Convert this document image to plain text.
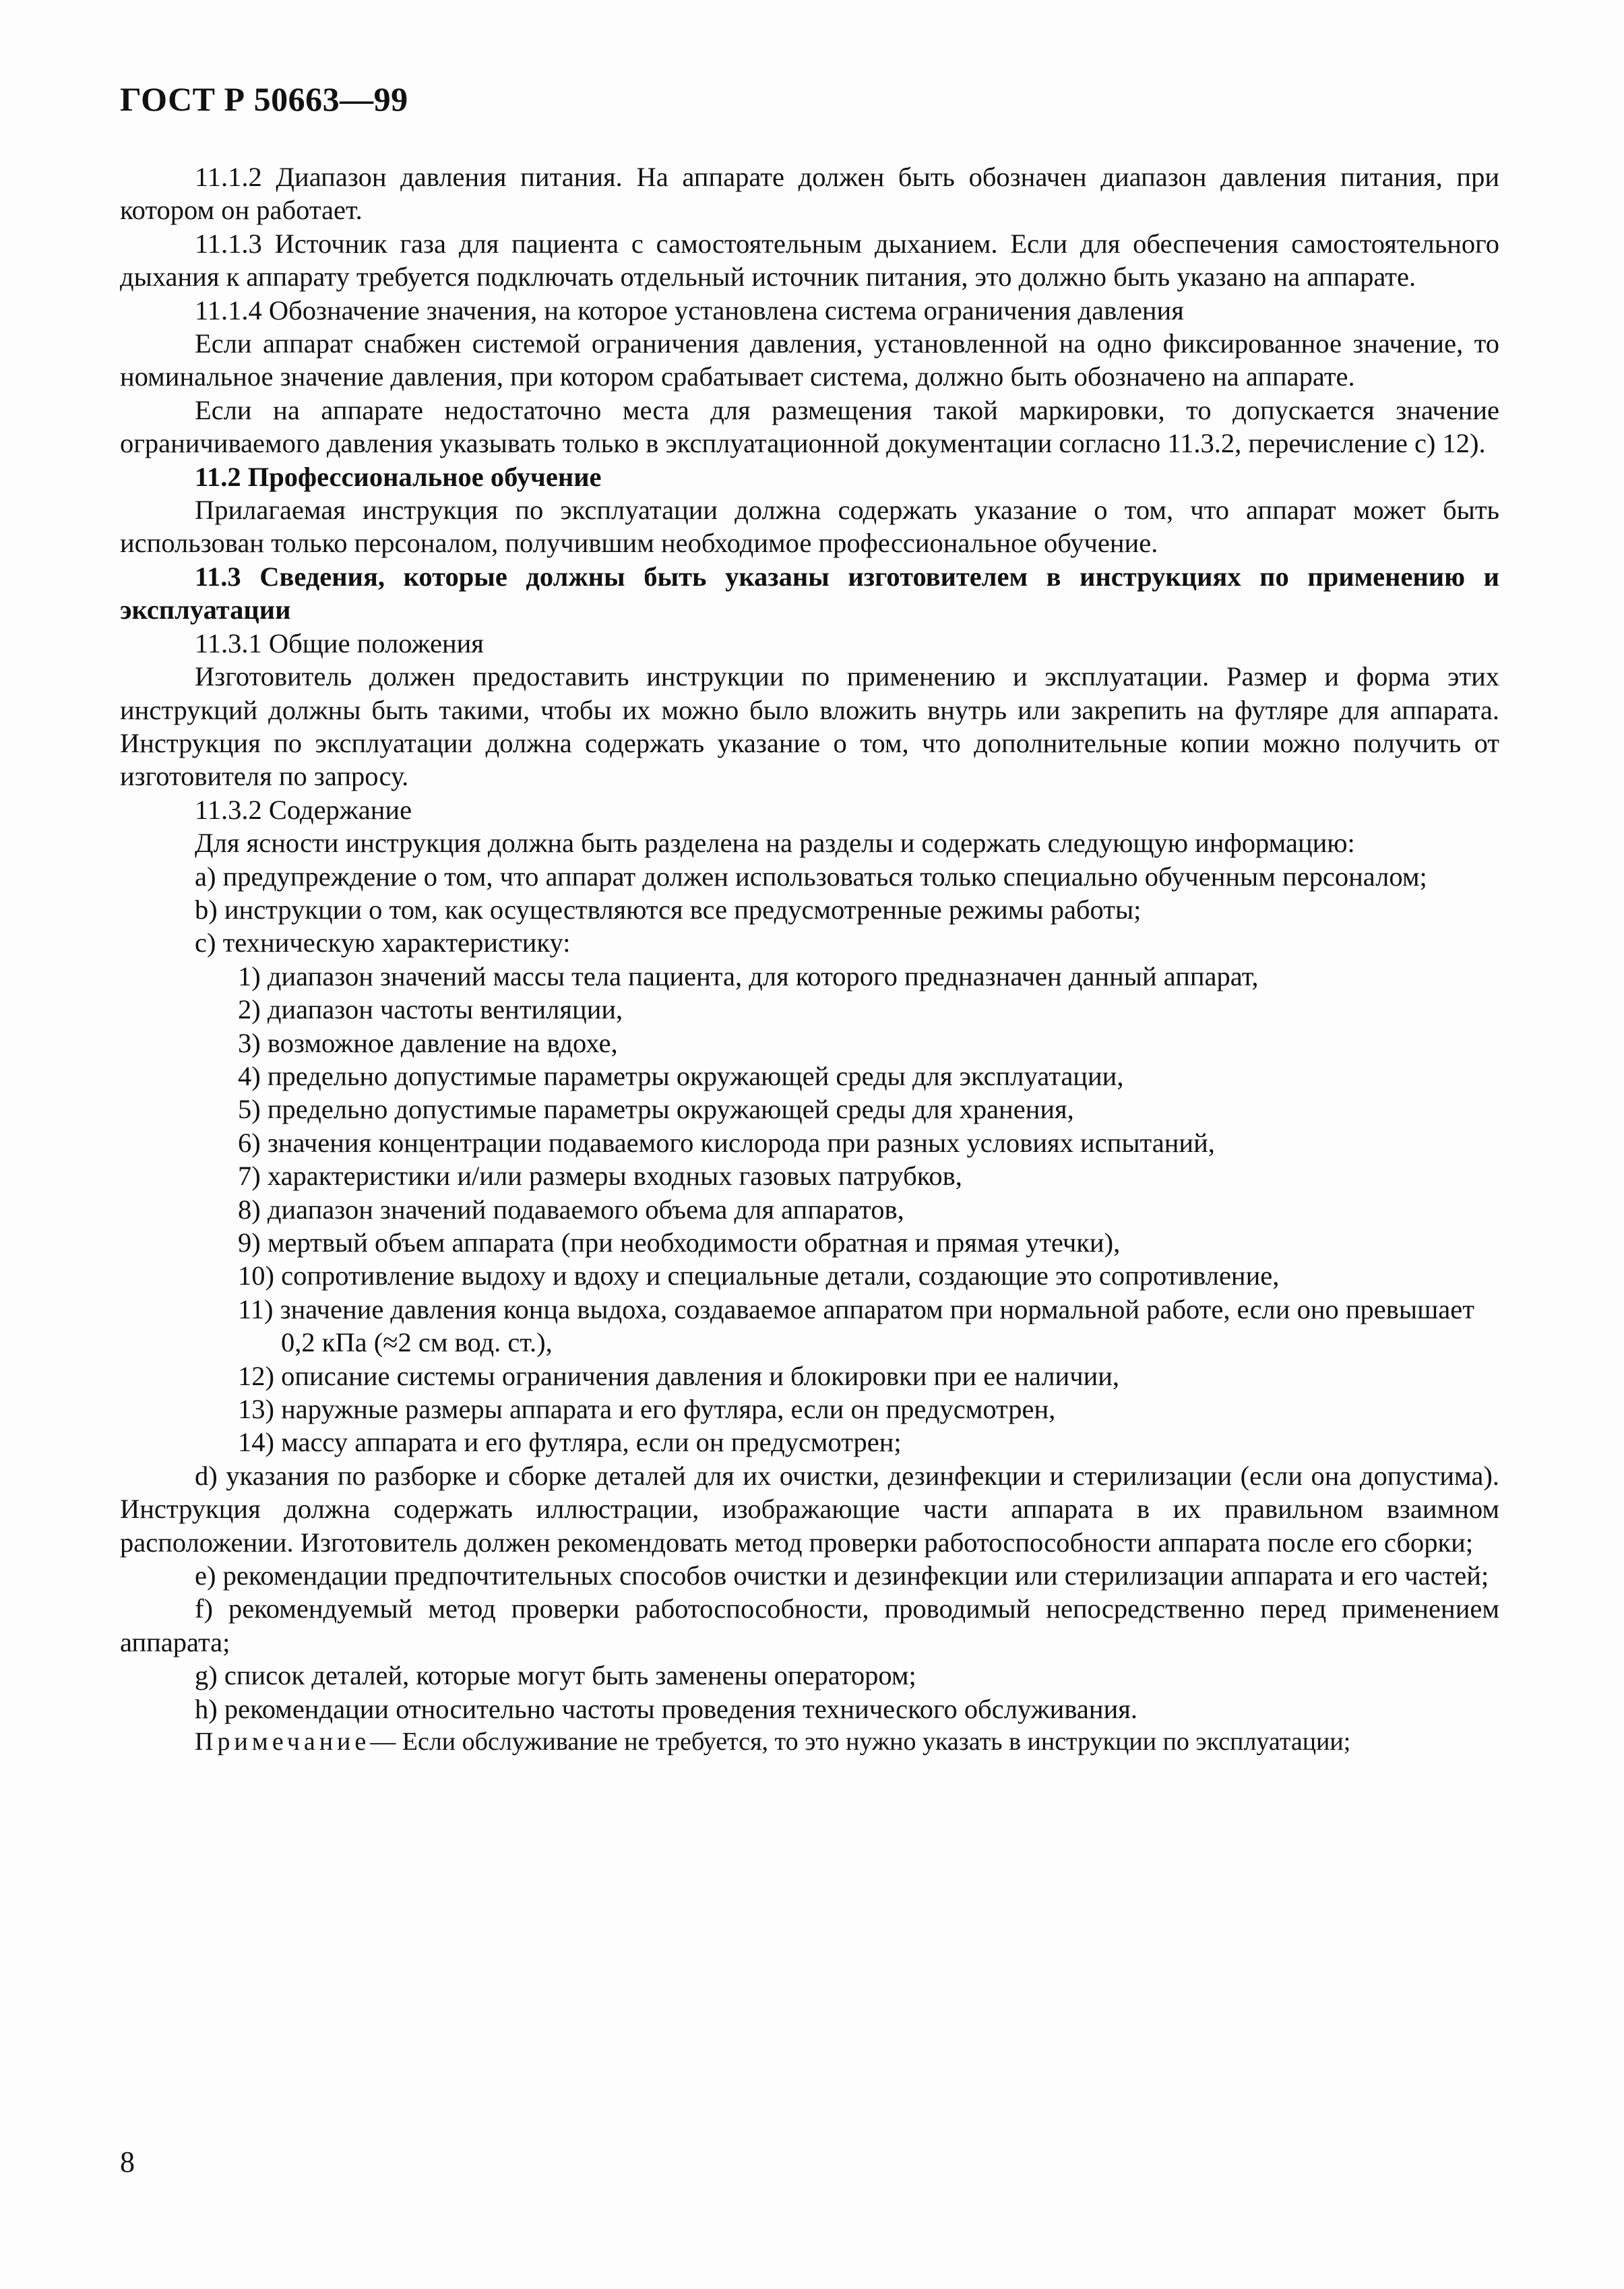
ГОСТ Р 50663—99

11.1.2 Диапазон давления питания. На аппарате должен быть обозначен диапазон давления питания, при котором он работает.

11.1.3 Источник газа для пациента с самостоятельным дыханием. Если для обеспечения самостоятельного дыхания к аппарату требуется подключать отдельный источник питания, это должно быть указано на аппарате.

11.1.4 Обозначение значения, на которое установлена система ограничения давления

Если аппарат снабжен системой ограничения давления, установленной на одно фиксированное значение, то номинальное значение давления, при котором срабатывает система, должно быть обозначено на аппарате.

Если на аппарате недостаточно места для размещения такой маркировки, то допускается значение ограничиваемого давления указывать только в эксплуатационной документации согласно 11.3.2, перечисление с) 12).

11.2 Профессиональное обучение

Прилагаемая инструкция по эксплуатации должна содержать указание о том, что аппарат может быть использован только персоналом, получившим необходимое профессиональное обучение.

11.3 Сведения, которые должны быть указаны изготовителем в инструкциях по применению и эксплуатации

11.3.1 Общие положения

Изготовитель должен предоставить инструкции по применению и эксплуатации. Размер и форма этих инструкций должны быть такими, чтобы их можно было вложить внутрь или закрепить на футляре для аппарата. Инструкция по эксплуатации должна содержать указание о том, что дополнительные копии можно получить от изготовителя по запросу.

11.3.2 Содержание

Для ясности инструкция должна быть разделена на разделы и содержать следующую информацию:

a) предупреждение о том, что аппарат должен использоваться только специально обученным персоналом;

b) инструкции о том, как осуществляются все предусмотренные режимы работы;

c) техническую характеристику:

1) диапазон значений массы тела пациента, для которого предназначен данный аппарат,

2) диапазон частоты вентиляции,

3) возможное давление на вдохе,

4) предельно допустимые параметры окружающей среды для эксплуатации,

5) предельно допустимые параметры окружающей среды для хранения,

6) значения концентрации подаваемого кислорода при разных условиях испытаний,

7) характеристики и/или размеры входных газовых патрубков,

8) диапазон значений подаваемого объема для аппаратов,

9) мертвый объем аппарата (при необходимости обратная и прямая утечки),

10) сопротивление выдоху и вдоху и специальные детали, создающие это сопротивление,

11) значение давления конца выдоха, создаваемое аппаратом при нормальной работе, если оно превышает 0,2 кПа (≈2 см вод. ст.),

12) описание системы ограничения давления и блокировки при ее наличии,

13) наружные размеры аппарата и его футляра, если он предусмотрен,

14) массу аппарата и его футляра, если он предусмотрен;

d) указания по разборке и сборке деталей для их очистки, дезинфекции и стерилизации (если она допустима). Инструкция должна содержать иллюстрации, изображающие части аппарата в их правильном взаимном расположении. Изготовитель должен рекомендовать метод проверки работоспособности аппарата после его сборки;

e) рекомендации предпочтительных способов очистки и дезинфекции или стерилизации аппарата и его частей;

f) рекомендуемый метод проверки работоспособности, проводимый непосредственно перед применением аппарата;

g) список деталей, которые могут быть заменены оператором;

h) рекомендации относительно частоты проведения технического обслуживания.

Примечание— Если обслуживание не требуется, то это нужно указать в инструкции по эксплуатации;

8
